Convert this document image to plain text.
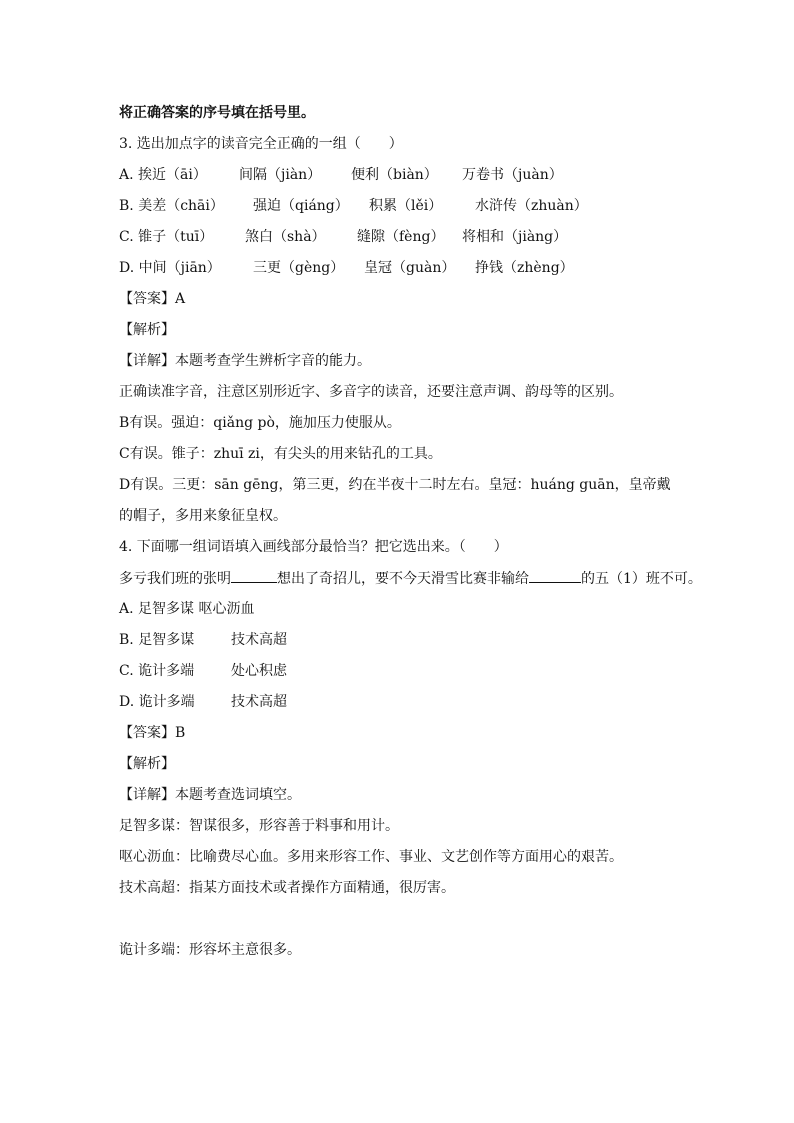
将正确答案的序号填在括号里。
3. 选出加点字的读音完全正确的一组（　　）
A. 挨近（āi） 间隔（jiàn） 便利（biàn） 万卷书（juàn）
B. 美差（chāi） 强迫（qiáng） 积累（lěi） 水浒传（zhuàn）
C. 锥子（tuī） 煞白（shà） 缝隙（fèng） 将相和（jiàng）
D. 中间（jiān） 三更（gèng） 皇冠（guàn） 挣钱（zhèng）
【答案】A
【解析】
【详解】本题考查学生辨析字音的能力。
正确读准字音，注意区别形近字、多音字的读音，还要注意声调、韵母等的区别。
B有误。强迫：qiǎng pò，施加压力使服从。
C有误。锥子：zhuī zi，有尖头的用来钻孔的工具。
D有误。三更：sān gēng，第三更，约在半夜十二时左右。皇冠：huáng guān，皇帝戴的帽子，多用来象征皇权。
4. 下面哪一组词语填入画线部分最恰当？把它选出来。（　　）
多亏我们班的张明	想出了奇招儿，要不今天滑雪比赛非输给	的五（1）班不可。
A. 足智多谋 呕心沥血
B. 足智多谋	技术高超
C. 诡计多端	处心积虑
D. 诡计多端	技术高超
【答案】B
【解析】
【详解】本题考查选词填空。
足智多谋：智谋很多，形容善于料事和用计。
呕心沥血：比喻费尽心血。多用来形容工作、事业、文艺创作等方面用心的艰苦。
技术高超：指某方面技术或者操作方面精通，很厉害。
诡计多端：形容坏主意很多。
